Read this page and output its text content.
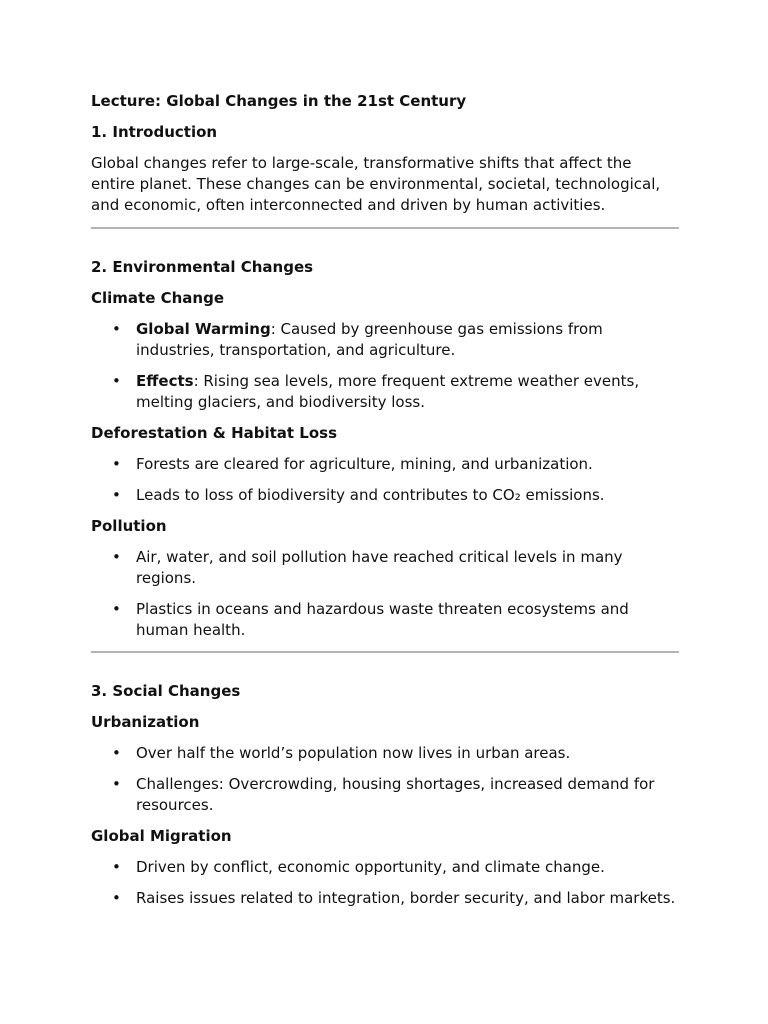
Lecture: Global Changes in the 21st Century
1. Introduction

Global changes refer to large-scale, transformative shifts that affect the entire planet. These changes can be environmental, societal, technological, and economic, often interconnected and driven by human activities.

2. Environmental Changes
Climate Change
• Global Warming: Caused by greenhouse gas emissions from industries, transportation, and agriculture.
• Effects: Rising sea levels, more frequent extreme weather events, melting glaciers, and biodiversity loss.
Deforestation & Habitat Loss
• Forests are cleared for agriculture, mining, and urbanization.
• Leads to loss of biodiversity and contributes to CO₂ emissions.
Pollution
• Air, water, and soil pollution have reached critical levels in many regions.
• Plastics in oceans and hazardous waste threaten ecosystems and human health.
3. Social Changes
Urbanization
• Over half the world’s population now lives in urban areas.
• Challenges: Overcrowding, housing shortages, increased demand for resources.
Global Migration
• Driven by conflict, economic opportunity, and climate change.
• Raises issues related to integration, border security, and labor markets.
